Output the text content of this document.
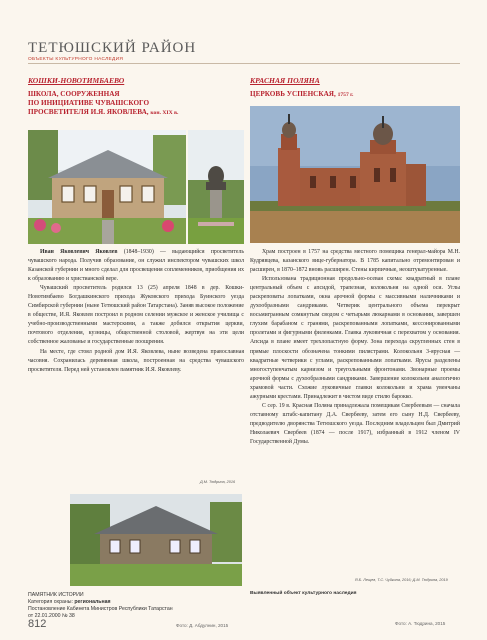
ТЕТЮШСКИЙ РАЙОН
ОБЪЕКТЫ КУЛЬТУРНОГО НАСЛЕДИЯ
КОШКИ-НОВОТИМБАЕВО
ШКОЛА, СООРУЖЕННАЯ
ПО ИНИЦИАТИВЕ ЧУВАШСКОГО
ПРОСВЕТИТЕЛЯ И.Я. ЯКОВЛЕВА, кон. XIX в.

Иван Яковлевич Яковлев (1848–1930) — выдающийся просветитель чувашского народа. Получив образование, он служил инспектором чувашских школ Казанской губернии и много сделал для просвещения соплеменников, приобщения их к образованию и христианской вере.

Чувашский просветитель родился 13 (25) апреля 1848 в дер. Кошки-Новотимбаево Богдашкинского прихода Жуковского прихода Буинского уезда Симбирской губернии (ныне Тетюшский район Татарстана). Заняв высокое положение в обществе, И.Я. Яковлев построил в родном селении мужское и женское училища с учебно-производственными мастерскими, а также добился открытия церкви, почтового отделения, кузницы, общественной столовой, жертвуя на эти цели собственное жалованье и государственные поощрения.

На месте, где стоял родной дом И.Я. Яковлева, ныне возведена православная часовня. Сохранилась деревянная школа, построенная на средства чувашского просветителя. Перед ней установлен памятник И.Я. Яковлеву.

Д.М. Тюдрина, 2016
ПАМЯТНИК ИСТОРИИ
Категория охраны: региональная
Постановление Кабинета Министров Республики Татарстан
от 22.01.2000 № 38
КРАСНАЯ ПОЛЯНА
ЦЕРКОВЬ УСПЕНСКАЯ, 1757 г.

Храм построен в 1757 на средства местного помещика генерал-майора М.Н. Кудрявцева, казанского вице-губернатора. В 1785 капитально отремонтирован и расширен, в 1870–1872 вновь расширен. Стены кирпичные, неоштукатуренные.

Использована традиционная продольно-осевая схема: квадратный в плане центральный объем с апсидой, трапезная, колокольня на одной оси. Углы раскреповаты лопатками, окна арочной формы с массивными наличниками и духообразными сандриками. Четверик центрального объема перекрыт восьмигранным сомкнутым сводом с четырьмя люкарнами в основании, завершен глухим барабаном с гранями, раскрепованными лопатками, кессонированными пролетами и фигурными филенками. Главка луковичная с перехватом у основания. Апсида в плане имеет трехлопастную форму. Зона перехода скругленных стен в прямые плоскости обозначена тонкими пилястрами. Колокольня 3-ярусная — квадратные четверики с углами, раскрепованными лопатками. Ярусы разделены многоступенчатым карнизом и треугольными фронтонами. Звонарные проемы арочной формы с духообразными сандриками. Завершение колокольни аналогично храмовой части. Схожие луковичные главки колокольни и храма увенчаны ажурными крестами. Принадлежит в чистом виде стилю барокко.

С сер. 19 в. Красная Поляна принадлежала помещикам Свербеевым — сначала отставному штабс-капитану Д.А. Свербееву, затем его сыну Н.Д. Свербееву, предводителю дворянства Тетюшского уезда. Последним владельцем был Дмитрий Николаевич Свербеев (1874 — после 1917), избранный в 1912 членом IV Государственной Думы.

Я.Б. Лещев, Т.С. Чуйкина, 2016; Д.М. Тюдрина, 2019
Выявленный объект культурного наследия
812	Фото: Д. Абдулнин, 2015	Фото: А. Тюдрина, 2015
